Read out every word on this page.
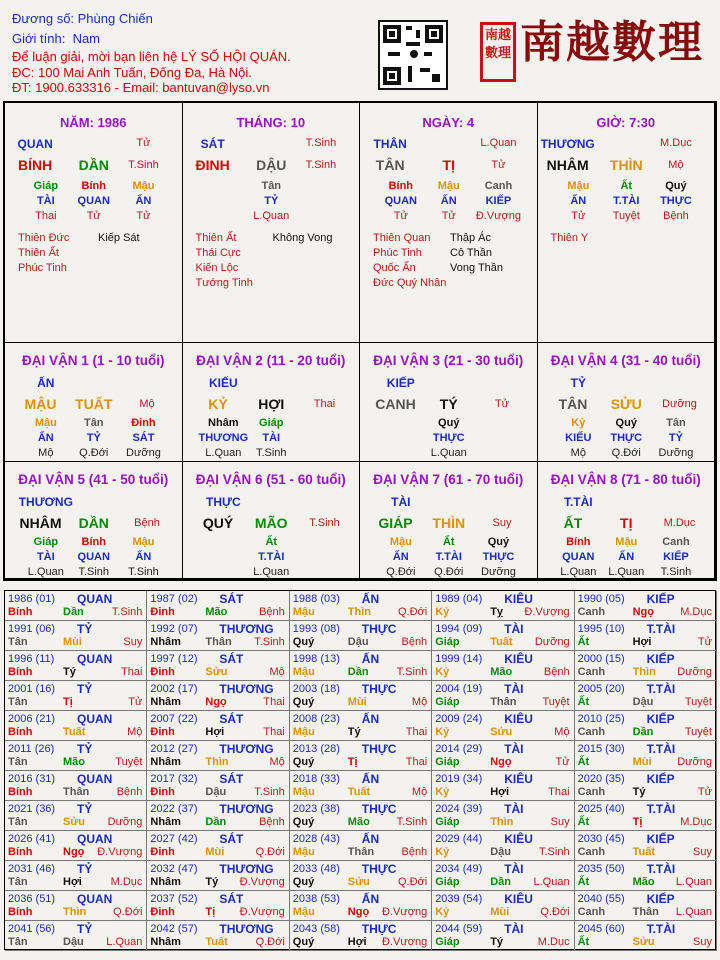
Đương số: Phùng Chiến
Giới tính: Nam
Để luận giải, mời bạn liên hệ LÝ SỐ HỘI QUÁN.
ĐC: 100 Mai Anh Tuấn, Đống Đa, Hà Nội.
ĐT: 1900.633316 - Email: bantuvan@lyso.vn
南越數理 南越數理
NĂM: 1986
QUAN	Tử
BÍNH DẦN T.Sinh
Giáp
TÀI
Thai
Bính
QUAN
Tử
Mậu
ẤN
Tử
Thiên Đức
Thiên Ất
Phúc Tinh
Kiếp Sát
THÁNG: 10
SÁT	T.Sinh
ĐINH DẬU T.Sinh
Tân
TỶ
L.Quan
Thiên Ất
Thái Cực
Kiến Lộc
Tướng Tinh
Không Vong
NGÀY: 4
THÂN	L.Quan
TÂN	TỊ	Tử
Bính
QUAN
Tử
Mậu
ẤN
Tử
Canh
KIẾP
Đ.Vượng
Thiên Quan
Phúc Tinh
Quốc Ấn
Đức Quý Nhân
Thập Ác
Cô Thần
Vong Thần
GIỜ: 7:30
THƯƠNG	M.Dục
NHÂM THÌN Mộ
Mậu
ẤN
Tử
Ất
T.TÀI
Tuyệt
Quý
THỰC
Bệnh
Thiên Y
ĐẠI VẬN 1 (1 - 10 tuổi)
ẤN
MẬU TUẤT Mộ
Mậu
ẤN
Mộ
Tân
TỶ
Q.Đới
Đinh
SÁT
Dưỡng
ĐẠI VẬN 2 (11 - 20 tuổi)
KIẾU
KỶ HỢI	Thai
Nhâm
THƯƠNG
L.Quan
Giáp
TÀI
T.Sinh
ĐẠI VẬN 3 (21 - 30 tuổi)
KIẾP
CANH TÝ	Tử
Quý
THỰC
L.Quan
ĐẠI VẬN 4 (31 - 40 tuổi)
TỶ
TÂN SỬU Dưỡng
Kỷ
KIẾU
Mộ
Quý
THỰC
Q.Đới
Tân
TỶ
Dưỡng
ĐẠI VẬN 5 (41 - 50 tuổi)
THƯƠNG
NHÂM DẦN Bệnh
Giáp
TÀI
L.Quan
Bính
QUAN
T.Sinh
Mậu
ẤN
T.Sinh
ĐẠI VẬN 6 (51 - 60 tuổi)
THỰC
QUÝ MÃO T.Sinh
Ất
T.TÀI
L.Quan
ĐẠI VẬN 7 (61 - 70 tuổi)
TÀI
GIÁP THÌN Suy
Mậu
ẤN
Q.Đới
Ất
T.TÀI
Q.Đới
Quý
THỰC
Dưỡng
ĐẠI VẬN 8 (71 - 80 tuổi)
T.TÀI
ẤT	TỊ	M.Dục
Bính
QUAN
L.Quan
Mậu
ẤN
L.Quan
Canh
KIẾP
T.Sinh
1986 (01) QUAN
Bính	Dần	T.Sinh
1987 (02) SÁT
Đinh	Mão	Bệnh
1988 (03) ẤN
Mậu	Thìn Q.Đới
1989 (04) KIÊU
Kỷ	Tỵ Đ.Vượng
1990 (05) KIẾP
Canh	Ngọ M.Dục
1991 (06) TỶ
Tân	Mùi	Suy
1992 (07) THƯƠNG
Nhâm Thân T.Sinh
1993 (08) THỰC
Quý	Dậu	Bệnh
1994 (09) TÀI
Giáp	Tuất Dưỡng
1995 (10) T.TÀI
Ất	Hợi	Tử
1996 (11) QUAN
Bính	Tý	Thai
1997 (12) SÁT
Đinh	Sửu	Mộ
1998 (13) ẤN
Mậu	Dần	T.Sinh
1999 (14) KIÊU
Kỷ	Mão	Bệnh
2000 (15) KIẾP
Canh	Thìn Dưỡng
2001 (16) TỶ
Tân	Tị	Tử
2002 (17) THƯƠNG
Nhâm Ngọ	Thai
2003 (18) THỰC
Quý	Mùi	Mộ
2004 (19) TÀI
Giáp	Thân Tuyệt
2005 (20) T.TÀI
Ất	Dậu	Tuyệt
2006 (21) QUAN
Bính	Tuất	Mộ
2007 (22) SÁT
Đinh	Hợi	Thai
2008 (23) ẤN
Mậu	Tý	Thai
2009 (24) KIÊU
Kỷ	Sửu	Mộ
2010 (25) KIẾP
Canh	Dần	Tuyệt
2011 (26) TỶ
Tân	Mão	Tuyệt
2012 (27) THƯƠNG
Nhâm Thìn	Mộ
2013 (28) THỰC
Quý	Tị	Thai
2014 (29) TÀI
Giáp	Ngọ	Tử
2015 (30) T.TÀI
Ất	Mùi Dưỡng
2016 (31) QUAN
Bính	Thân Bệnh
2017 (32) SÁT
Đinh	Dậu	T.Sinh
2018 (33) ẤN
Mậu	Tuất	Mộ
2019 (34) KIÊU
Kỷ	Hợi	Thai
2020 (35) KIẾP
Canh	Tý	Tử
2021 (36) TỶ
Tân	Sửu Dưỡng
2022 (37) THƯƠNG
Nhâm Dần	Bệnh
2023 (38) THỰC
Quý	Mão T.Sinh
2024 (39) TÀI
Giáp	Thìn	Suy
2025 (40) T.TÀI
Ất	Tị	M.Dục
2026 (41) QUAN
Bính	Ngọ Đ.Vượng
2027 (42) SÁT
Đinh	Mùi	Q.Đới
2028 (43) ẤN
Mậu	Thân Bệnh
2029 (44) KIÊU
Kỷ	Dậu	T.Sinh
2030 (45) KIẾP
Canh	Tuất	Suy
2031 (46) TỶ
Tân	Hợi	M.Dục
2032 (47) THƯƠNG
Nhâm Tý Đ.Vượng
2033 (48) THỰC
Quý	Sửu	Q.Đới
2034 (49) TÀI
Giáp	Dần L.Quan
2035 (50) T.TÀI
Ất	Mão L.Quan
2036 (51) QUAN
Bính	Thìn Q.Đới
2037 (52) SÁT
Đinh	Tị Đ.Vượng
2038 (53) ẤN
Mậu	Ngọ Đ.Vượng
2039 (54) KIÊU
Kỷ	Mùi	Q.Đới
2040 (55) KIẾP
Canh	Thân L.Quan
2041 (56) TỶ
Tân	Dậu L.Quan
2042 (57) THƯƠNG
Nhâm Tuất	Q.Đới
2043 (58) THỰC
Quý	Hợi Đ.Vượng
2044 (59) TÀI
Giáp	Tý	M.Dục
2045 (60) T.TÀI
Ất	Sửu	Suy
